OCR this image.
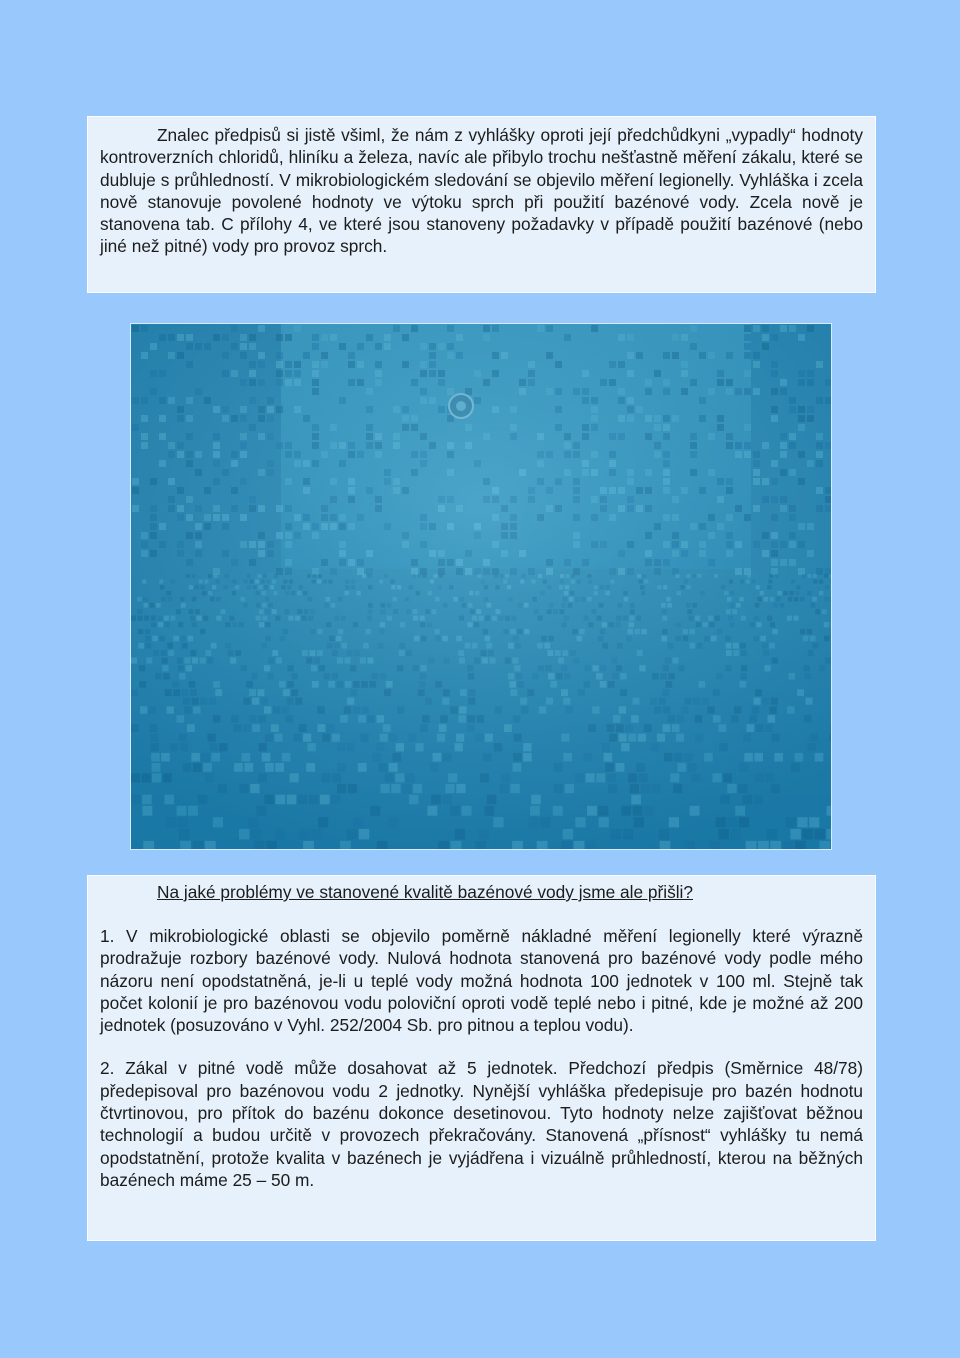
Znalec předpisů si jistě všiml, že nám z vyhlášky oproti její předchůdkyni „vypadly“ hodnoty kontroverzních chloridů, hliníku a železa, navíc ale přibylo trochu nešťastně měření zákalu, které se dubluje s průhledností. V mikrobiologickém sledování se objevilo měření legionelly. Vyhláška i zcela nově stanovuje povolené hodnoty ve výtoku sprch při použití bazénové vody. Zcela nově je stanovena tab. C přílohy 4, ve které jsou stanoveny požadavky v případě použití bazénové (nebo jiné než pitné) vody pro provoz sprch.

Na jaké problémy ve stanovené kvalitě bazénové vody jsme ale přišli?

1. V mikrobiologické oblasti se objevilo poměrně nákladné měření legionelly které výrazně prodražuje rozbory bazénové vody. Nulová hodnota stanovená pro bazénové vody podle mého názoru není opodstatněná, je-li u teplé vody možná hodnota 100 jednotek v 100 ml. Stejně tak počet kolonií je pro bazénovou vodu poloviční oproti vodě teplé nebo i pitné, kde je možné až 200 jednotek (posuzováno v Vyhl. 252/2004 Sb. pro pitnou a teplou vodu).

2. Zákal v pitné vodě může dosahovat až 5 jednotek. Předchozí předpis (Směrnice 48/78) předepisoval pro bazénovou vodu 2 jednotky. Nynější vyhláška předepisuje pro bazén hodnotu čtvrtinovou, pro přítok do bazénu dokonce desetinovou. Tyto hodnoty nelze zajišťovat běžnou technologií a budou určitě v provozech překračovány. Stanovená „přísnost“ vyhlášky tu nemá opodstatnění, protože kvalita v bazénech je vyjádřena i vizuálně průhledností, kterou na běžných bazénech máme 25 – 50 m.
